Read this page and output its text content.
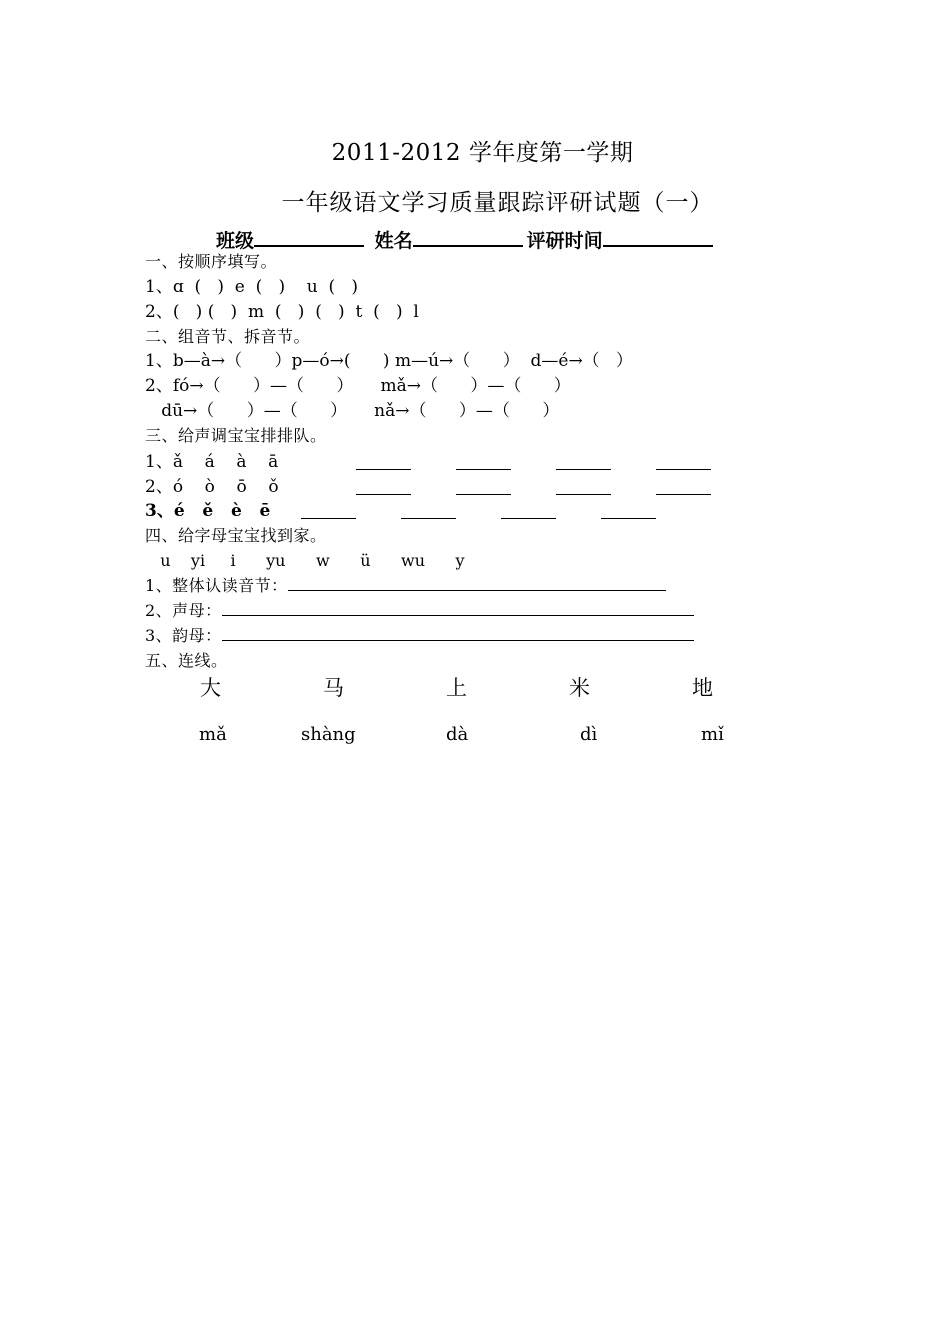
2011-2012 学年度第一学期
一年级语文学习质量跟踪评研试题（一）
班级	姓名	评研时间
一、按顺序填写。
1、ɑ  (   )  e  (   )    u  (   )
2、(   ) (   )  m  (   )  (   )  t  (   )  l
二、组音节、拆音节。
1、b—à→（      ）p—ó→(      ) m—ú→（      ）  d—é→（   ）
2、fó→（      ）—（      ）     mǎ→（      ）—（      ）
dū→（      ）—（      ）     nǎ→（      ）—（      ）
三、给声调宝宝排排队。
1、ǎ    á    à    ā
2、ó    ò    ō    ǒ
3、é   ě   è   ē
四、给字母宝宝找到家。
u    yi     i      yu      w      ü      wu      y
1、整体认读音节：
2、声母：
3、韵母：
五、连线。
大	马	上	米	地
mǎ	shàng	dà	dì	mǐ
